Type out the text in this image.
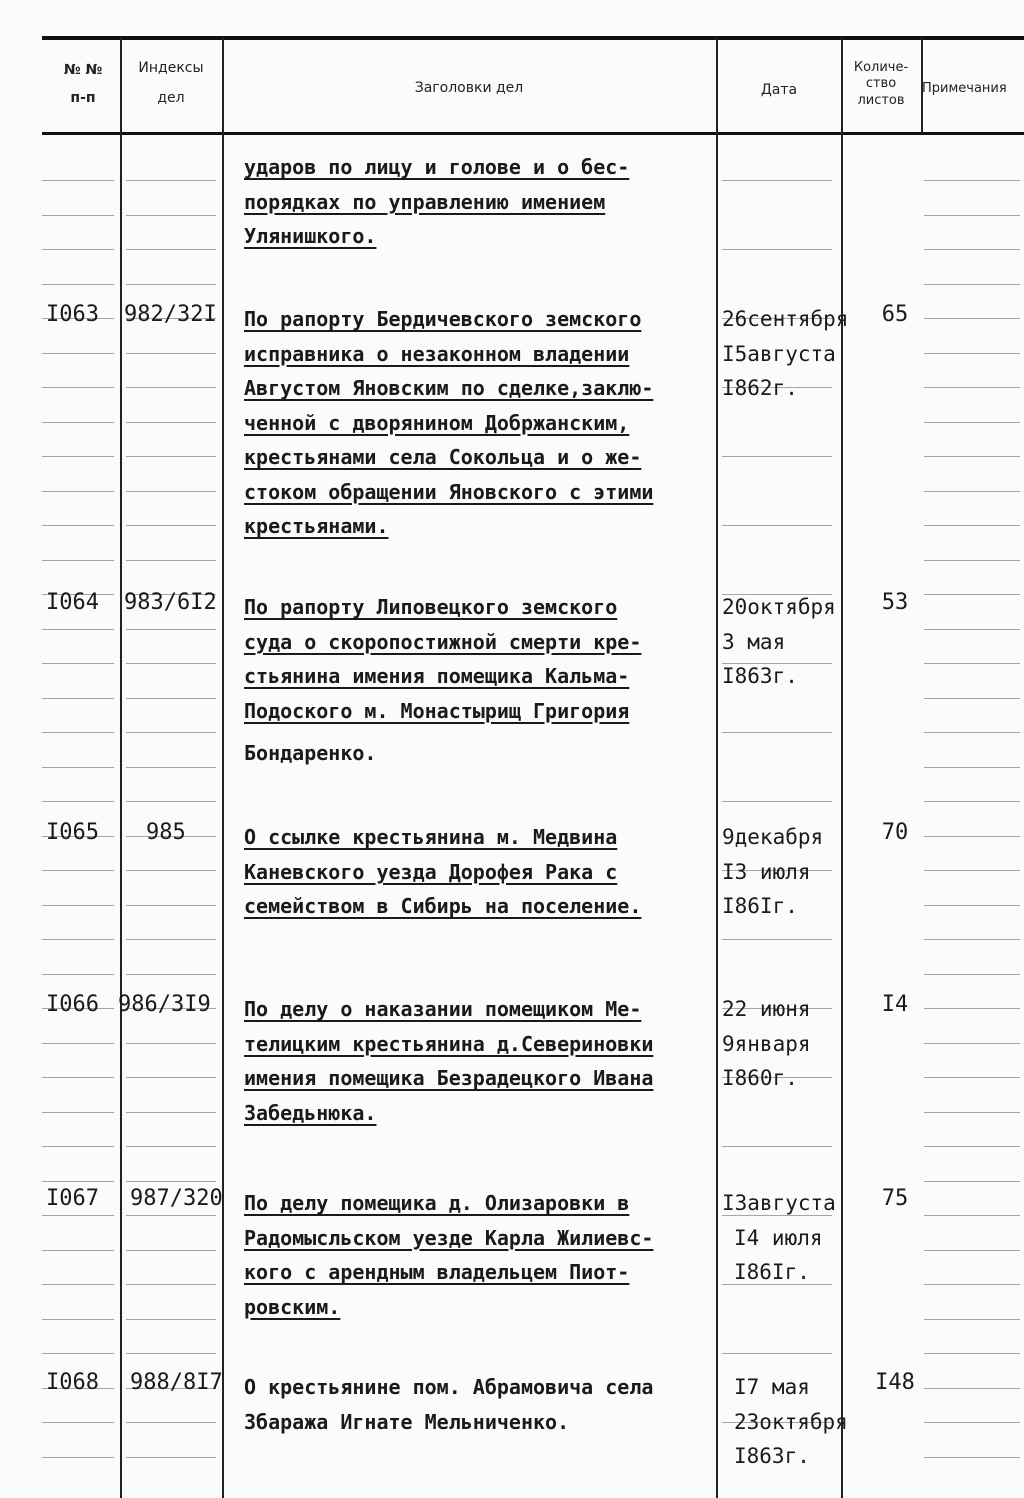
№ №
п-п
Индексы
дел
Заголовки дел	Дата
Количе-
ство
листов
Примечания
ударов по лицу и голове и о бес-
порядках по управлению имением
Улянишкого.
I063 982/32I По рапорту Бердичевского земского
исправника о незаконном владении
Августом Яновским по сделке,заклю-
ченной с дворянином Добржанским,
крестьянами села Сокольца и о же-
стоком обращении Яновского с этими
крестьянами.
26сентября
I5августа
I862г.
65
I064 983/6I2 По рапорту Липовецкого земского
суда о скоропостижной смерти кре-
стьянина имения помещика Кальма-
Подоского м. Монастырищ Григория
Бондаренко.
20октября
3 мая
I863г.
53
I065 985	О ссылке крестьянина м. Медвина
Каневского уезда Дорофея Рака с
семейством в Сибирь на поселение.
9декабря
I3 июля
I86Iг.
70
I066 986/3I9 По делу о наказании помещиком Ме-
телицким крестьянина д.Севериновки
имения помещика Безрадецкого Ивана
Забедьнюка.
22 июня
9января
I860г.
I4
I067 987/320 По делу помещика д. Олизаровки в
Радомысльском уезде Карла Жилиевс-
кого с арендным владельцем Пиот-
ровским.
I3августа
I4 июля
I86Iг.
75
I068 988/8I7 О крестьянине пом. Абрамовича села
Збаража Игнате Мельниченко.
I7 мая
23октября
I863г.
I48
